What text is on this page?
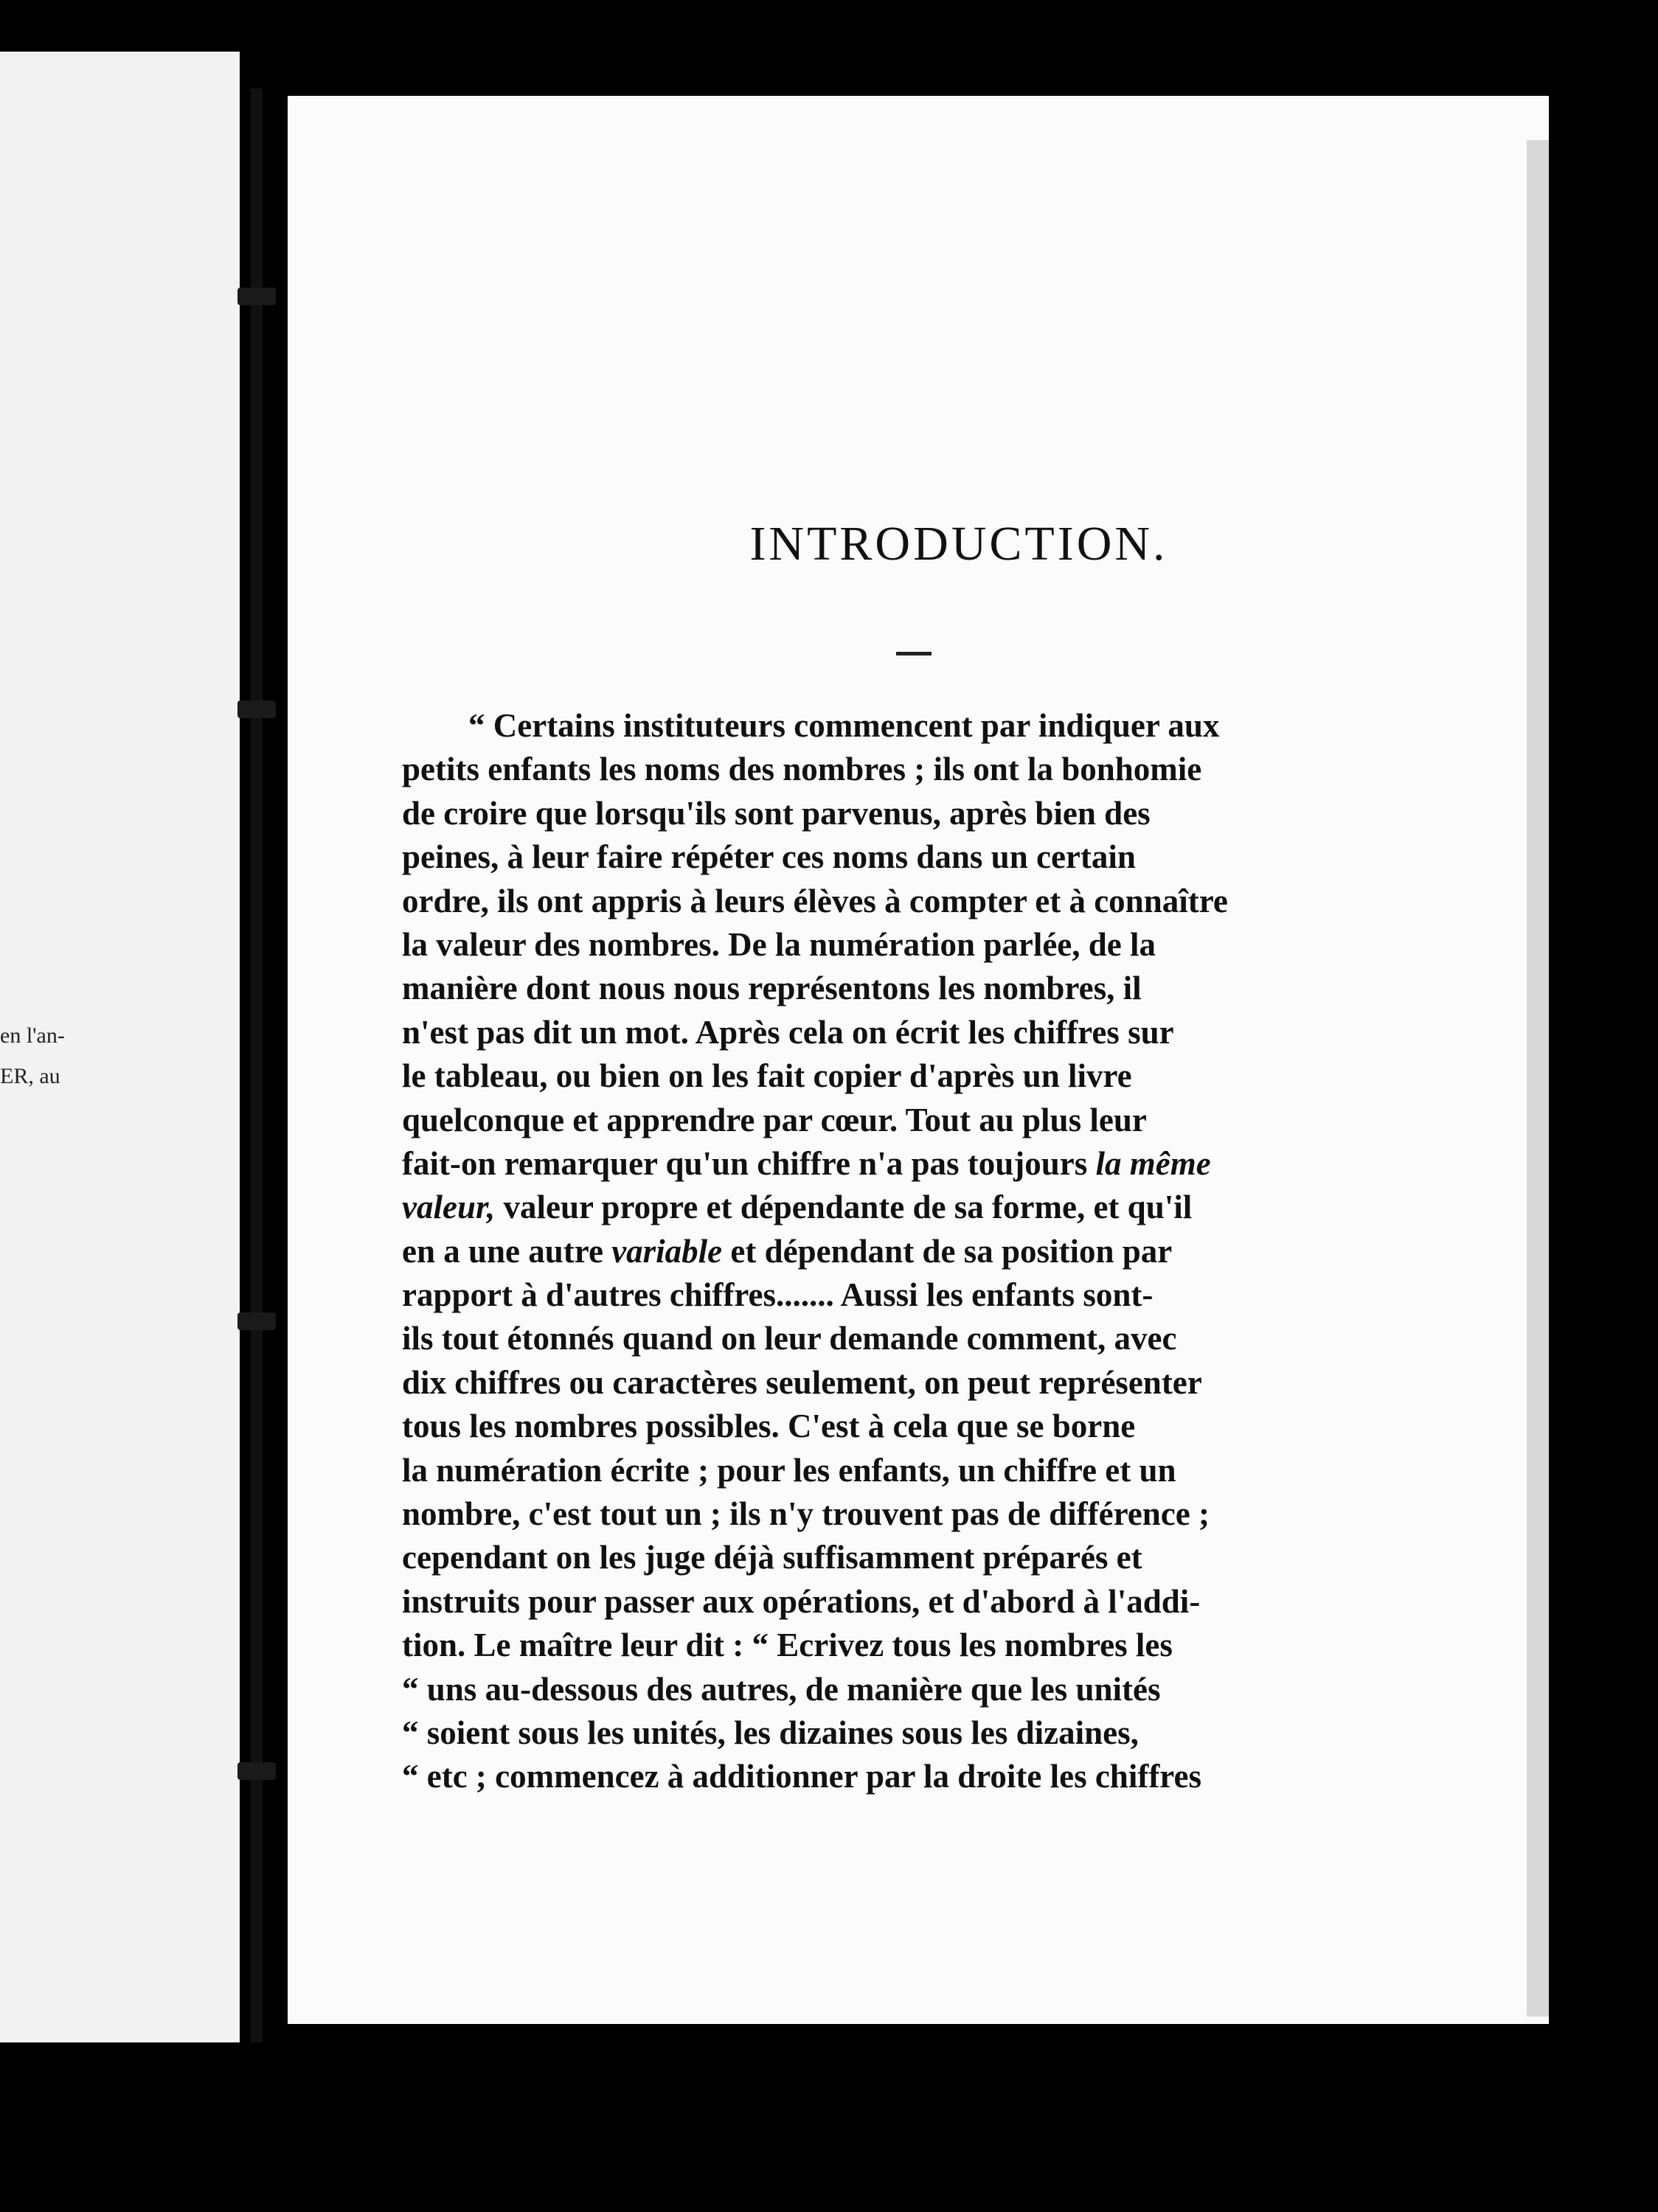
en l'an-
ER, au
INTRODUCTION.
“ Certains instituteurs commencent par indiquer aux
petits enfants les noms des nombres ; ils ont la bonhomie
de croire que lorsqu'ils sont parvenus, après bien des
peines, à leur faire répéter ces noms dans un certain
ordre, ils ont appris à leurs élèves à compter et à connaître
la valeur des nombres. De la numération parlée, de la
manière dont nous nous représentons les nombres, il
n'est pas dit un mot. Après cela on écrit les chiffres sur
le tableau, ou bien on les fait copier d'après un livre
quelconque et apprendre par cœur. Tout au plus leur
fait-on remarquer qu'un chiffre n'a pas toujours la même
valeur, valeur propre et dépendante de sa forme, et qu'il
en a une autre variable et dépendant de sa position par
rapport à d'autres chiffres....... Aussi les enfants sont-
ils tout étonnés quand on leur demande comment, avec
dix chiffres ou caractères seulement, on peut représenter
tous les nombres possibles. C'est à cela que se borne
la numération écrite ; pour les enfants, un chiffre et un
nombre, c'est tout un ; ils n'y trouvent pas de différence ;
cependant on les juge déjà suffisamment préparés et
instruits pour passer aux opérations, et d'abord à l'addi-
tion. Le maître leur dit : “ Ecrivez tous les nombres les
“ uns au-dessous des autres, de manière que les unités
“ soient sous les unités, les dizaines sous les dizaines,
“ etc ; commencez à additionner par la droite les chiffres
